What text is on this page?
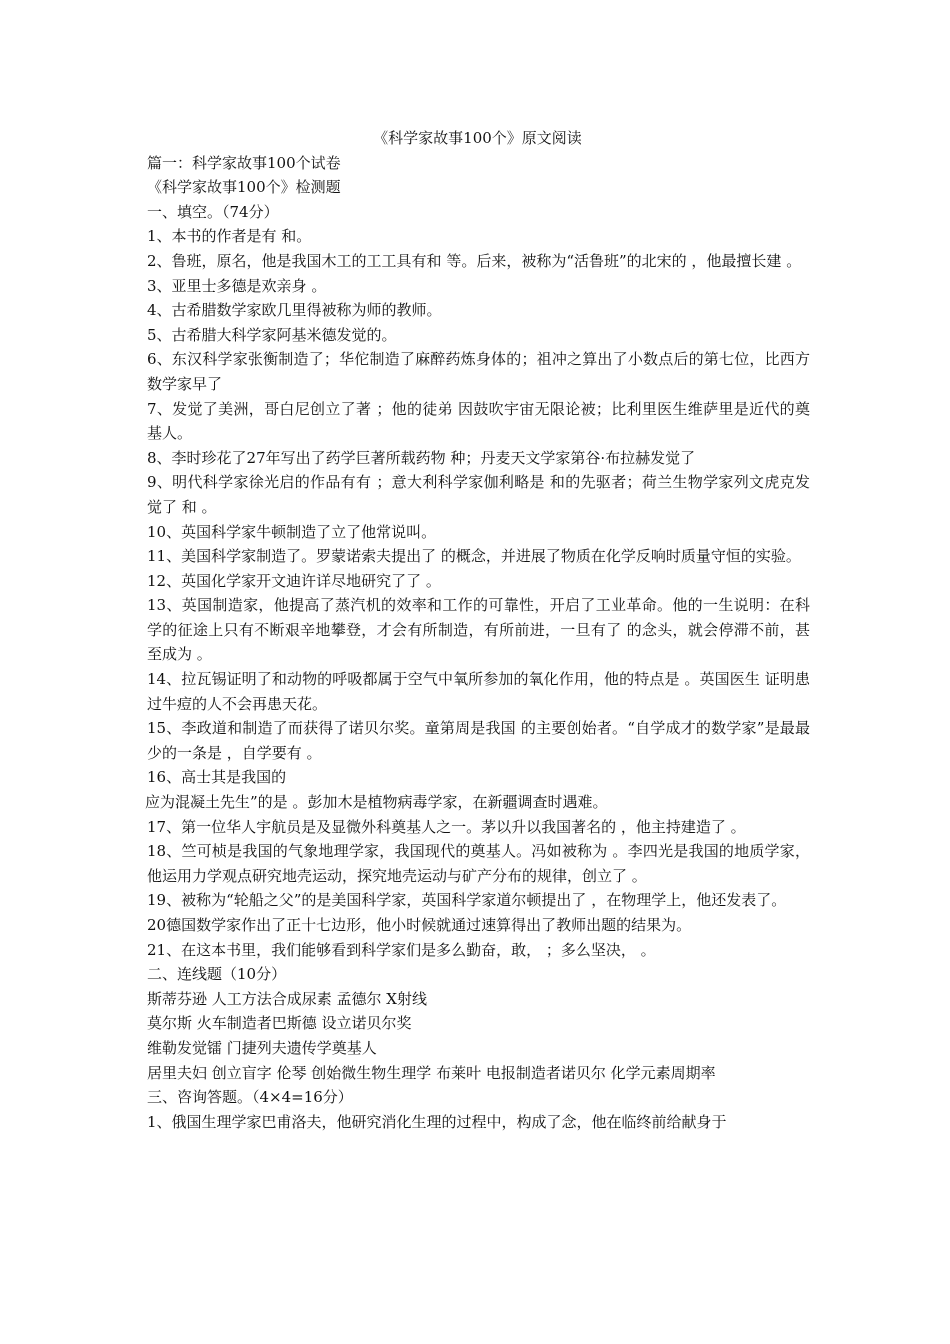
《科学家故事100个》原文阅读

篇一：科学家故事100个试卷

《科学家故事100个》检测题

一、填空。（74分）

1、本书的作者是有 和。

2、鲁班，原名，他是我国木工的工工具有和 等。后来，被称为“活鲁班”的北宋的 ，他最擅长建 。

3、亚里士多德是欢亲身 。

4、古希腊数学家欧几里得被称为师的教师。

5、古希腊大科学家阿基米德发觉的。

6、东汉科学家张衡制造了；华佗制造了麻醉药炼身体的；祖冲之算出了小数点后的第七位，比西方数学家早了

7、发觉了美洲，哥白尼创立了著 ；他的徒弟 因鼓吹宇宙无限论被；比利里医生维萨里是近代的奠基人。

8、李时珍花了27年写出了药学巨著所载药物 种；丹麦天文学家第谷·布拉赫发觉了

9、明代科学家徐光启的作品有有 ；意大利科学家伽利略是 和的先驱者；荷兰生物学家列文虎克发觉了 和 。

10、英国科学家牛顿制造了立了他常说叫。

11、美国科学家制造了。罗蒙诺索夫提出了 的概念，并进展了物质在化学反响时质量守恒的实验。

12、英国化学家开文迪许详尽地研究了了 。

13、英国制造家，他提高了蒸汽机的效率和工作的可靠性，开启了工业革命。他的一生说明：在科学的征途上只有不断艰辛地攀登，才会有所制造，有所前进，一旦有了 的念头，就会停滞不前，甚至成为 。

14、拉瓦锡证明了和动物的呼吸都属于空气中氧所参加的氧化作用，他的特点是 。英国医生 证明患过牛痘的人不会再患天花。

15、李政道和制造了而获得了诺贝尔奖。童第周是我国 的主要创始者。“自学成才的数学家”是最最少的一条是 ，自学要有 。

16、高士其是我国的

应为混凝土先生”的是 。彭加木是植物病毒学家，在新疆调查时遇难。

17、第一位华人宇航员是及显微外科奠基人之一。茅以升以我国著名的 ，他主持建造了 。

18、竺可桢是我国的气象地理学家，我国现代的奠基人。冯如被称为 。李四光是我国的地质学家，他运用力学观点研究地壳运动，探究地壳运动与矿产分布的规律，创立了 。

19、被称为“轮船之父”的是美国科学家，英国科学家道尔顿提出了 ，在物理学上，他还发表了。

20德国数学家作出了正十七边形，他小时候就通过速算得出了教师出题的结果为。

21、在这本书里，我们能够看到科学家们是多么勤奋，敢， ；多么坚决， 。

二、连线题（10分）

斯蒂芬逊 人工方法合成尿素 孟德尔 X射线

莫尔斯 火车制造者巴斯德 设立诺贝尔奖

维勒发觉镭 门捷列夫遗传学奠基人

居里夫妇 创立盲字 伦琴 创始微生物生理学 布莱叶 电报制造者诺贝尔 化学元素周期率

三、咨询答题。（4×4=16分）

1、俄国生理学家巴甫洛夫，他研究消化生理的过程中，构成了念，他在临终前给献身于
